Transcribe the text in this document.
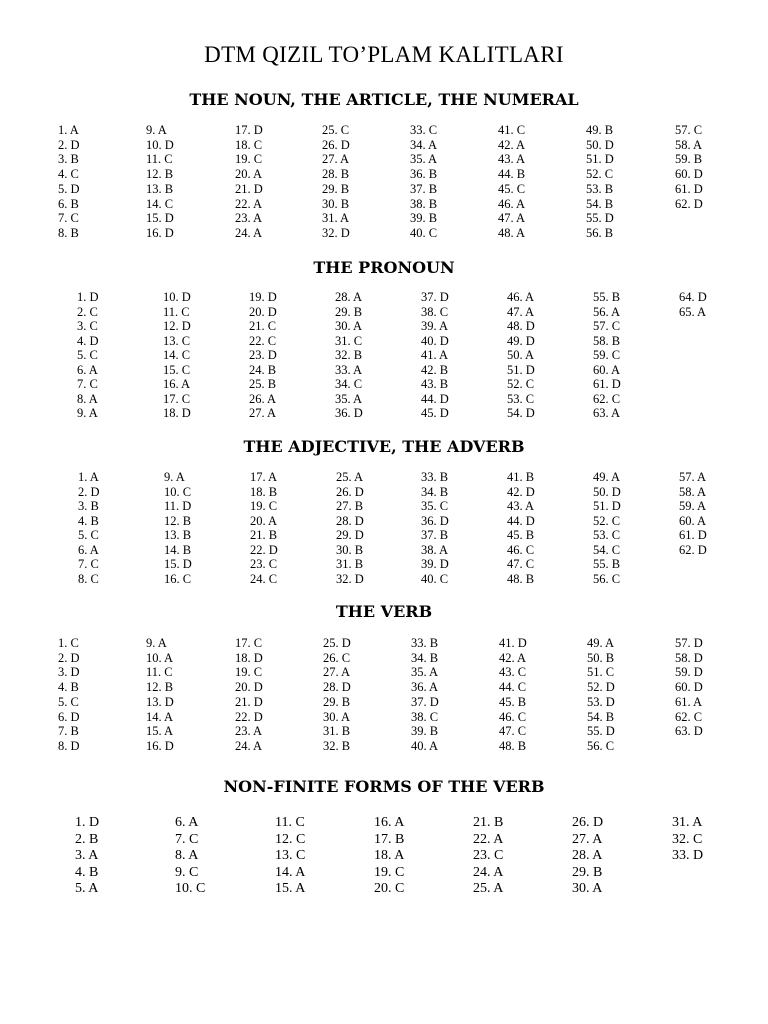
DTM QIZIL TO’PLAM KALITLARI
THE NOUN, THE ARTICLE, THE NUMERAL
1. A
2. D
3. B
4. C
5. D
6. B
7. C
8. B
9. A
10. D
11. C
12. B
13. B
14. C
15. D
16. D
17. D
18. C
19. C
20. A
21. D
22. A
23. A
24. A
25. C
26. D
27. A
28. B
29. B
30. B
31. A
32. D
33. C
34. A
35. A
36. B
37. B
38. B
39. B
40. C
41. C
42. A
43. A
44. B
45. C
46. A
47. A
48. A
49. B
50. D
51. D
52. C
53. B
54. B
55. D
56. B
57. C
58. A
59. B
60. D
61. D
62. D
THE PRONOUN
1. D
2. C
3. C
4. D
5. C
6. A
7. C
8. A
9. A
10. D
11. C
12. D
13. C
14. C
15. C
16. A
17. C
18. D
19. D
20. D
21. C
22. C
23. D
24. B
25. B
26. A
27. A
28. A
29. B
30. A
31. C
32. B
33. A
34. C
35. A
36. D
37. D
38. C
39. A
40. D
41. A
42. B
43. B
44. D
45. D
46. A
47. A
48. D
49. D
50. A
51. D
52. C
53. C
54. D
55. B
56. A
57. C
58. B
59. C
60. A
61. D
62. C
63. A
64. D
65. A
THE ADJECTIVE, THE ADVERB
1. A
2. D
3. B
4. B
5. C
6. A
7. C
8. C
9. A
10. C
11. D
12. B
13. B
14. B
15. D
16. C
17. A
18. B
19. C
20. A
21. B
22. D
23. C
24. C
25. A
26. D
27. B
28. D
29. D
30. B
31. B
32. D
33. B
34. B
35. C
36. D
37. B
38. A
39. D
40. C
41. B
42. D
43. A
44. D
45. B
46. C
47. C
48. B
49. A
50. D
51. D
52. C
53. C
54. C
55. B
56. C
57. A
58. A
59. A
60. A
61. D
62. D
THE VERB
1. C
2. D
3. D
4. B
5. C
6. D
7. B
8. D
9. A
10. A
11. C
12. B
13. D
14. A
15. A
16. D
17. C
18. D
19. C
20. D
21. D
22. D
23. A
24. A
25. D
26. C
27. A
28. D
29. B
30. A
31. B
32. B
33. B
34. B
35. A
36. A
37. D
38. C
39. B
40. A
41. D
42. A
43. C
44. C
45. B
46. C
47. C
48. B
49. A
50. B
51. C
52. D
53. D
54. B
55. D
56. C
57. D
58. D
59. D
60. D
61. A
62. C
63. D
NON-FINITE FORMS OF THE VERB
1. D
2. B
3. A
4. B
5. A
6. A
7. C
8. A
9. C
10. C
11. C
12. C
13. C
14. A
15. A
16. A
17. B
18. A
19. C
20. C
21. B
22. A
23. C
24. A
25. A
26. D
27. A
28. A
29. B
30. A
31. A
32. C
33. D
